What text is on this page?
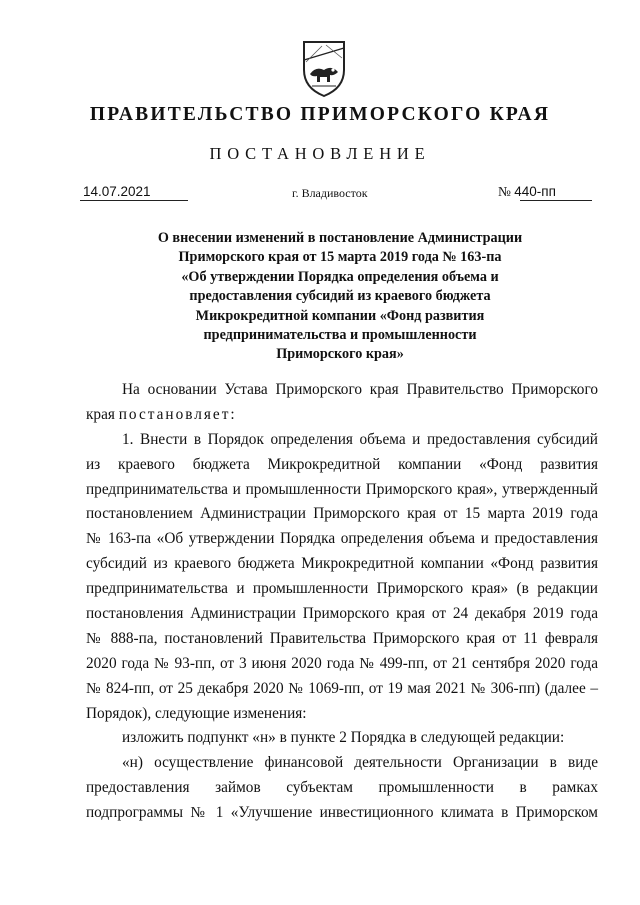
ПРАВИТЕЛЬСТВО ПРИМОРСКОГО КРАЯ
ПОСТАНОВЛЕНИЕ
14.07.2021	г. Владивосток	№ 440-пп
О внесении изменений в постановление Администрации
Приморского края от 15 марта 2019 года № 163-па
«Об утверждении Порядка определения объема и
предоставления субсидий из краевого бюджета
Микрокредитной компании «Фонд развития
предпринимательства и промышленности
Приморского края»
На основании Устава Приморского края Правительство Приморского
края постановляет:
1. Внести в Порядок определения объема и предоставления субсидий
из краевого бюджета Микрокредитной компании «Фонд развития
предпринимательства и промышленности Приморского края», утвержденный
постановлением Администрации Приморского края от 15 марта 2019 года
№ 163-па «Об утверждении Порядка определения объема и предоставления
субсидий из краевого бюджета Микрокредитной компании «Фонд развития
предпринимательства и промышленности Приморского края» (в редакции
постановления Администрации Приморского края от 24 декабря 2019 года
№ 888-па, постановлений Правительства Приморского края от 11 февраля
2020 года № 93-пп, от 3 июня 2020 года № 499-пп, от 21 сентября 2020 года
№ 824-пп, от 25 декабря 2020 № 1069-пп, от 19 мая 2021 № 306-пп) (далее –
Порядок), следующие изменения:
изложить подпункт «н» в пункте 2 Порядка в следующей редакции:
«н) осуществление финансовой деятельности Организации в виде
предоставления займов субъектам промышленности в рамках
подпрограммы № 1 «Улучшение инвестиционного климата в Приморском
